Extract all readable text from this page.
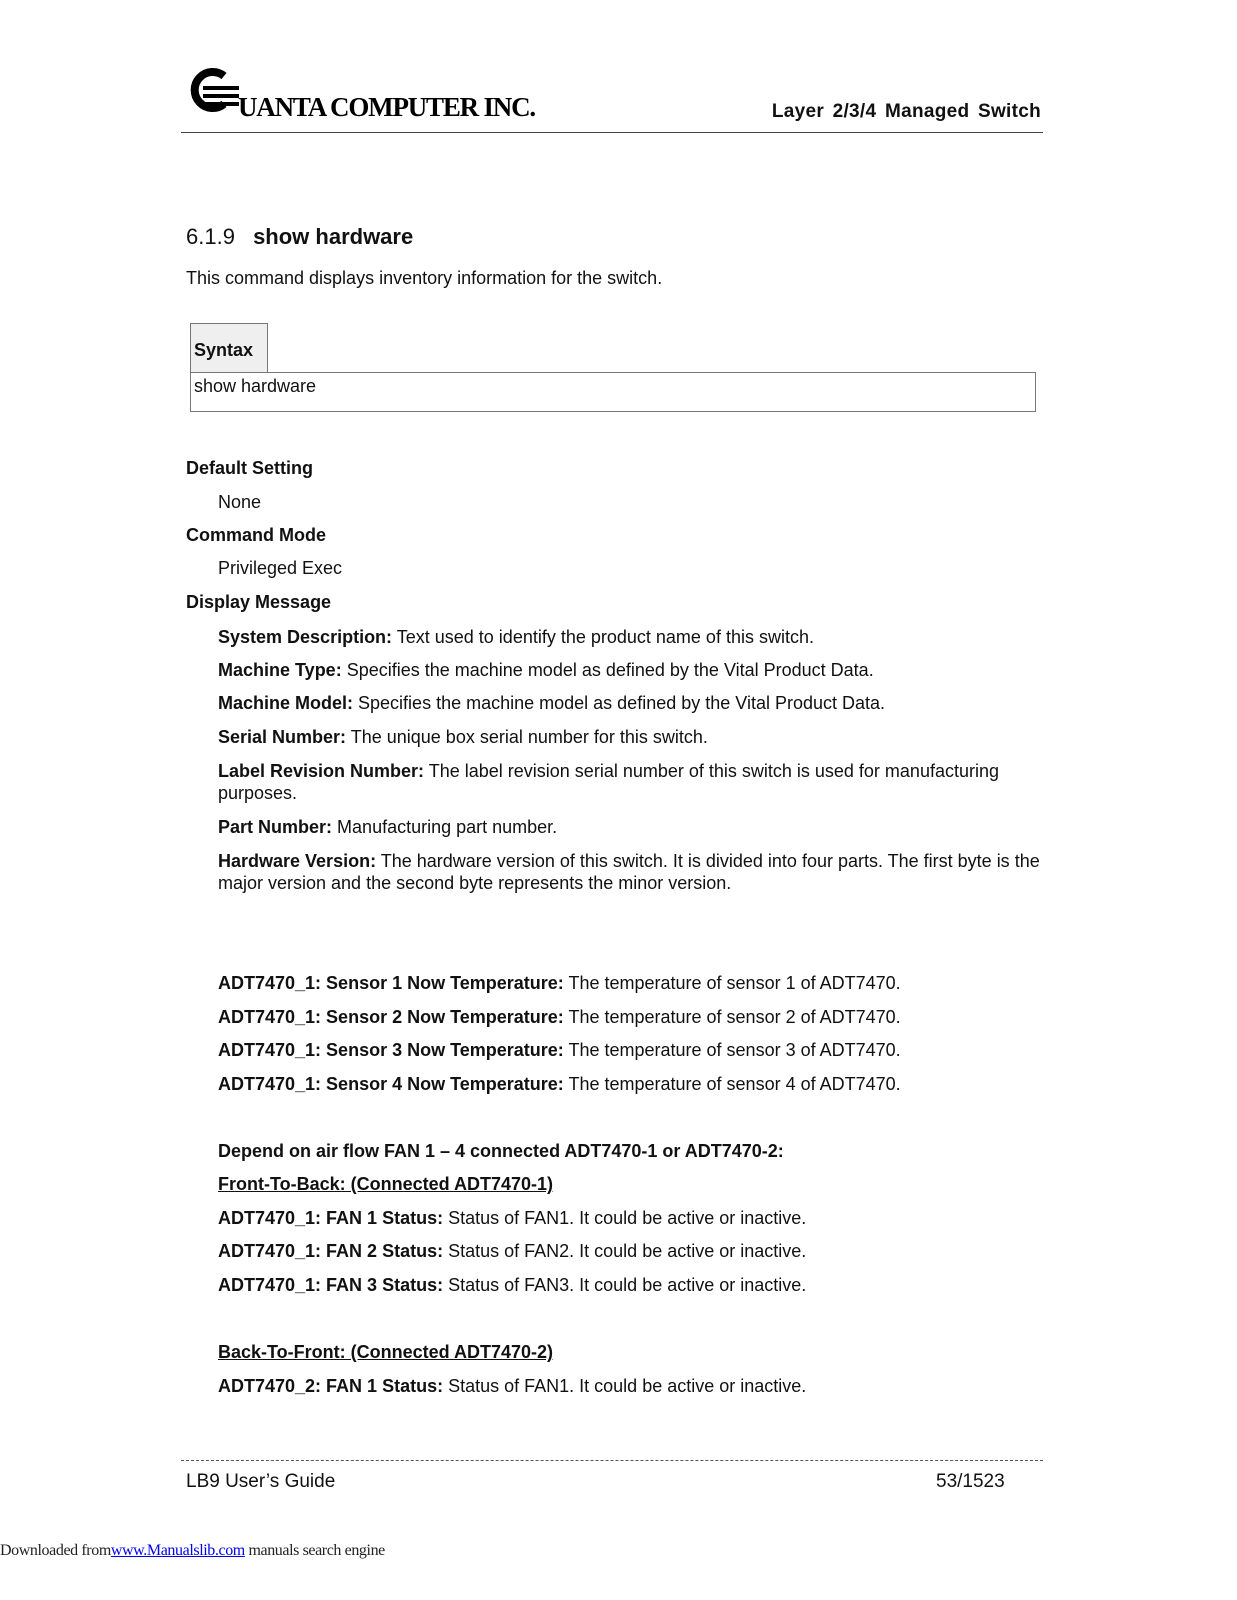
UANTA COMPUTER INC.	Layer 2/3/4 Managed Switch
6.1.9 show hardware
This command displays inventory information for the switch.
Syntax
show hardware
Default Setting
None
Command Mode
Privileged Exec
Display Message
System Description: Text used to identify the product name of this switch.
Machine Type: Specifies the machine model as defined by the Vital Product Data.
Machine Model: Specifies the machine model as defined by the Vital Product Data.
Serial Number: The unique box serial number for this switch.
Label Revision Number: The label revision serial number of this switch is used for manufacturing purposes.
Part Number: Manufacturing part number.
Hardware Version: The hardware version of this switch. It is divided into four parts. The first byte is the major version and the second byte represents the minor version.
ADT7470_1: Sensor 1 Now Temperature: The temperature of sensor 1 of ADT7470.
ADT7470_1: Sensor 2 Now Temperature: The temperature of sensor 2 of ADT7470.
ADT7470_1: Sensor 3 Now Temperature: The temperature of sensor 3 of ADT7470.
ADT7470_1: Sensor 4 Now Temperature: The temperature of sensor 4 of ADT7470.
Depend on air flow FAN 1 – 4 connected ADT7470-1 or ADT7470-2:
Front-To-Back: (Connected ADT7470-1)
ADT7470_1: FAN 1 Status: Status of FAN1. It could be active or inactive.
ADT7470_1: FAN 2 Status: Status of FAN2. It could be active or inactive.
ADT7470_1: FAN 3 Status: Status of FAN3. It could be active or inactive.
Back-To-Front: (Connected ADT7470-2)
ADT7470_2: FAN 1 Status: Status of FAN1. It could be active or inactive.
LB9 User’s Guide	53/1523
Downloaded fromwww.Manualslib.com manuals search engine
